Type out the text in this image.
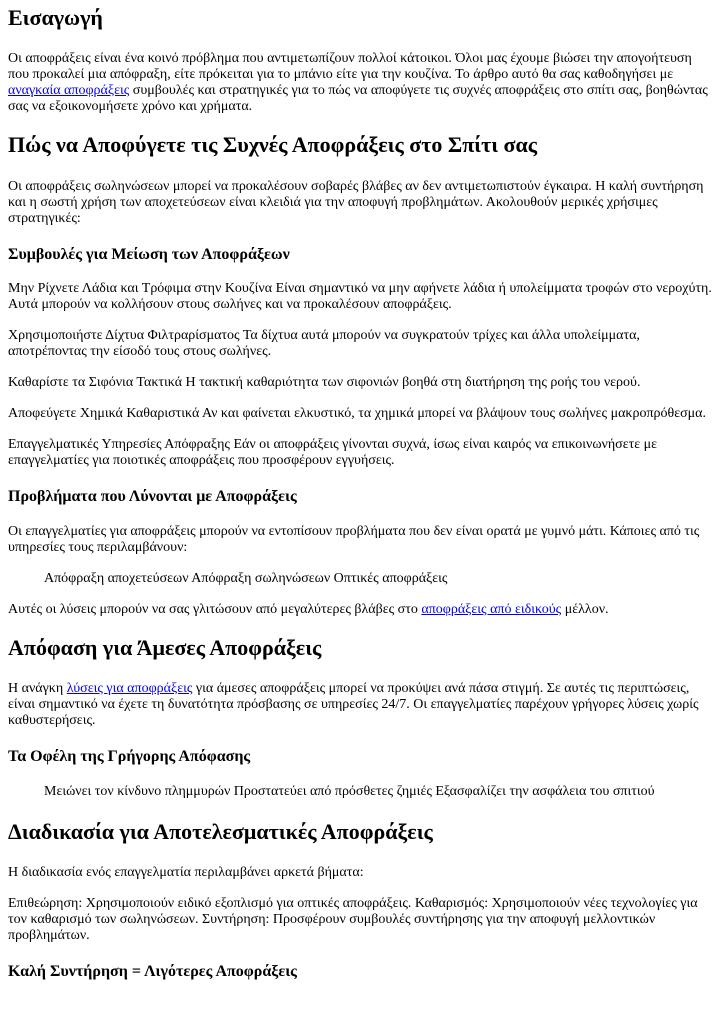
Εισαγωγή

Οι αποφράξεις είναι ένα κοινό πρόβλημα που αντιμετωπίζουν πολλοί κάτοικοι. Όλοι μας έχουμε βιώσει την απογοήτευση που προκαλεί μια απόφραξη, είτε πρόκειται για το μπάνιο είτε για την κουζίνα. Το άρθρο αυτό θα σας καθοδηγήσει με αναγκαία αποφράξεις συμβουλές και στρατηγικές για το πώς να αποφύγετε τις συχνές αποφράξεις στο σπίτι σας, βοηθώντας σας να εξοικονομήσετε χρόνο και χρήματα.

Πώς να Αποφύγετε τις Συχνές Αποφράξεις στο Σπίτι σας

Οι αποφράξεις σωληνώσεων μπορεί να προκαλέσουν σοβαρές βλάβες αν δεν αντιμετωπιστούν έγκαιρα. Η καλή συντήρηση και η σωστή χρήση των αποχετεύσεων είναι κλειδιά για την αποφυγή προβλημάτων. Ακολουθούν μερικές χρήσιμες στρατηγικές:

Συμβουλές για Μείωση των Αποφράξεων

Μην Ρίχνετε Λάδια και Τρόφιμα στην Κουζίνα Είναι σημαντικό να μην αφήνετε λάδια ή υπολείμματα τροφών στο νεροχύτη. Αυτά μπορούν να κολλήσουν στους σωλήνες και να προκαλέσουν αποφράξεις.

Χρησιμοποιήστε Δίχτυα Φιλτραρίσματος Τα δίχτυα αυτά μπορούν να συγκρατούν τρίχες και άλλα υπολείμματα, αποτρέποντας την είσοδό τους στους σωλήνες.

Καθαρίστε τα Σιφόνια Τακτικά Η τακτική καθαριότητα των σιφονιών βοηθά στη διατήρηση της ροής του νερού.

Αποφεύγετε Χημικά Καθαριστικά Αν και φαίνεται ελκυστικό, τα χημικά μπορεί να βλάψουν τους σωλήνες μακροπρόθεσμα.

Επαγγελματικές Υπηρεσίες Απόφραξης Εάν οι αποφράξεις γίνονται συχνά, ίσως είναι καιρός να επικοινωνήσετε με επαγγελματίες για ποιοτικές αποφράξεις που προσφέρουν εγγυήσεις.

Προβλήματα που Λύνονται με Αποφράξεις

Οι επαγγελματίες για αποφράξεις μπορούν να εντοπίσουν προβλήματα που δεν είναι ορατά με γυμνό μάτι. Κάποιες από τις υπηρεσίες τους περιλαμβάνουν:

Απόφραξη αποχετεύσεων Απόφραξη σωληνώσεων Οπτικές αποφράξεις

Αυτές οι λύσεις μπορούν να σας γλιτώσουν από μεγαλύτερες βλάβες στο αποφράξεις από ειδικούς μέλλον.

Απόφαση για Άμεσες Αποφράξεις

Η ανάγκη λύσεις για αποφράξεις για άμεσες αποφράξεις μπορεί να προκύψει ανά πάσα στιγμή. Σε αυτές τις περιπτώσεις, είναι σημαντικό να έχετε τη δυνατότητα πρόσβασης σε υπηρεσίες 24/7. Οι επαγγελματίες παρέχουν γρήγορες λύσεις χωρίς καθυστερήσεις.

Τα Οφέλη της Γρήγορης Απόφασης

Μειώνει τον κίνδυνο πλημμυρών Προστατεύει από πρόσθετες ζημιές Εξασφαλίζει την ασφάλεια του σπιτιού

Διαδικασία για Αποτελεσματικές Αποφράξεις

Η διαδικασία ενός επαγγελματία περιλαμβάνει αρκετά βήματα:

Επιθεώρηση: Χρησιμοποιούν ειδικό εξοπλισμό για οπτικές αποφράξεις. Καθαρισμός: Χρησιμοποιούν νέες τεχνολογίες για τον καθαρισμό των σωληνώσεων. Συντήρηση: Προσφέρουν συμβουλές συντήρησης για την αποφυγή μελλοντικών προβλημάτων.

Καλή Συντήρηση = Λιγότερες Αποφράξεις
